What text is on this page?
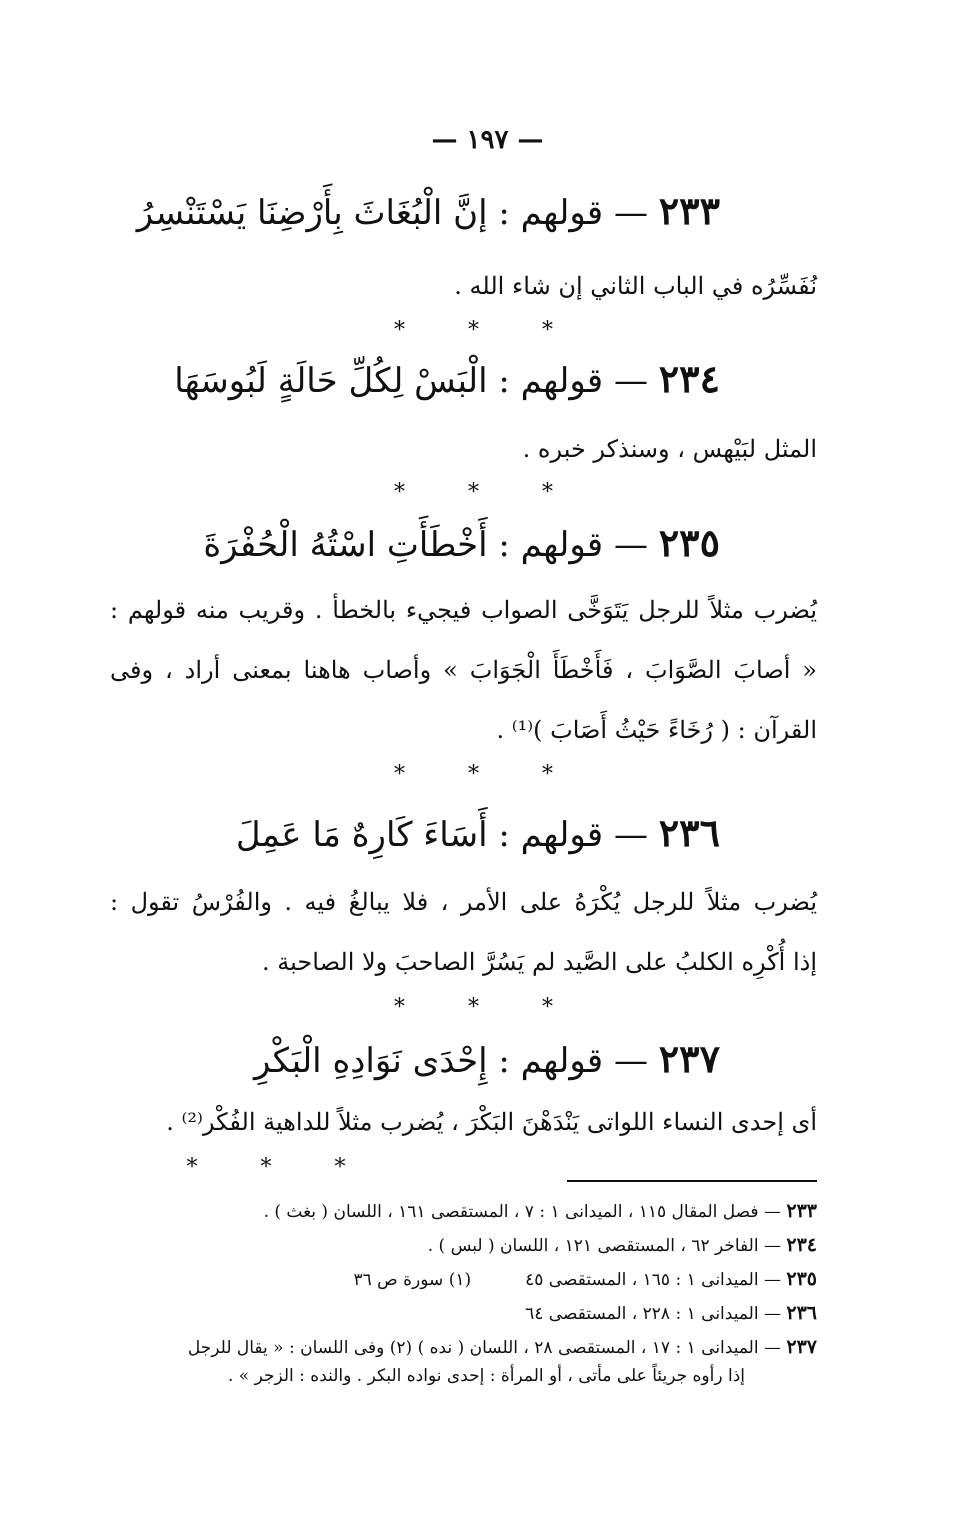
— ١٩٧ —
٢٣٣ — قولهم : إنَّ الْبُغَاثَ بِأَرْضِنَا يَسْتَنْسِرُ
نُفَسِّرُه في الباب الثاني إن شاء الله .
* * *
٢٣٤ — قولهم : الْبَسْ لِكُلِّ حَالَةٍ لَبُوسَهَا
المثل لبَيْهس ، وسنذكر خبره .
* * *
٢٣٥ — قولهم : أَخْطَأَتِ اسْتُهُ الْحُفْرَةَ
يُضرب مثلاً للرجل يَتَوَخَّى الصواب فيجيء بالخطأ . وقريب منه قولهم :
« أصابَ الصَّوَابَ ، فَأَخْطَأَ الْجَوَابَ » وأصاب هاهنا بمعنى أراد ، وفى
القرآن : ( رُخَاءً حَيْثُ أَصَابَ )⁽¹⁾ .
* * *
٢٣٦ — قولهم : أَسَاءَ كَارِهٌ مَا عَمِلَ
يُضرب مثلاً للرجل يُكْرَهُ على الأمر ، فلا يبالغُ فيه . والفُرْسُ تقول :
إذا أُكْرِه الكلبُ على الصَّيد لم يَسُرَّ الصاحبَ ولا الصاحبة .
* * *
٢٣٧ — قولهم : إِحْدَى نَوَادِهِ الْبَكْرِ
أى إحدى النساء اللواتى يَنْدَهْنَ البَكْرَ ، يُضرب مثلاً للداهية الفُكْر⁽²⁾ .
* * *
٢٣٣ — فصل المقال ١١٥ ، الميدانى ١ : ٧ ، المستقصى ١٦١ ، اللسان ( بغث ) .
٢٣٤ — الفاخر ٦٢ ، المستقصى ١٢١ ، اللسان ( لبس ) .
٢٣٥ — الميدانى ١ : ١٦٥ ، المستقصى ٤٥          (١) سورة ص ٣٦
٢٣٦ — الميدانى ١ : ٢٢٨ ، المستقصى ٦٤
٢٣٧ — الميدانى ١ : ١٧ ، المستقصى ٢٨ ، اللسان ( نده ) (٢) وفى اللسان : « يقال للرجل
إذا رأوه جريئاً على مأتى ، أو المرأة : إحدى نواده البكر . والنده : الزجر » .
